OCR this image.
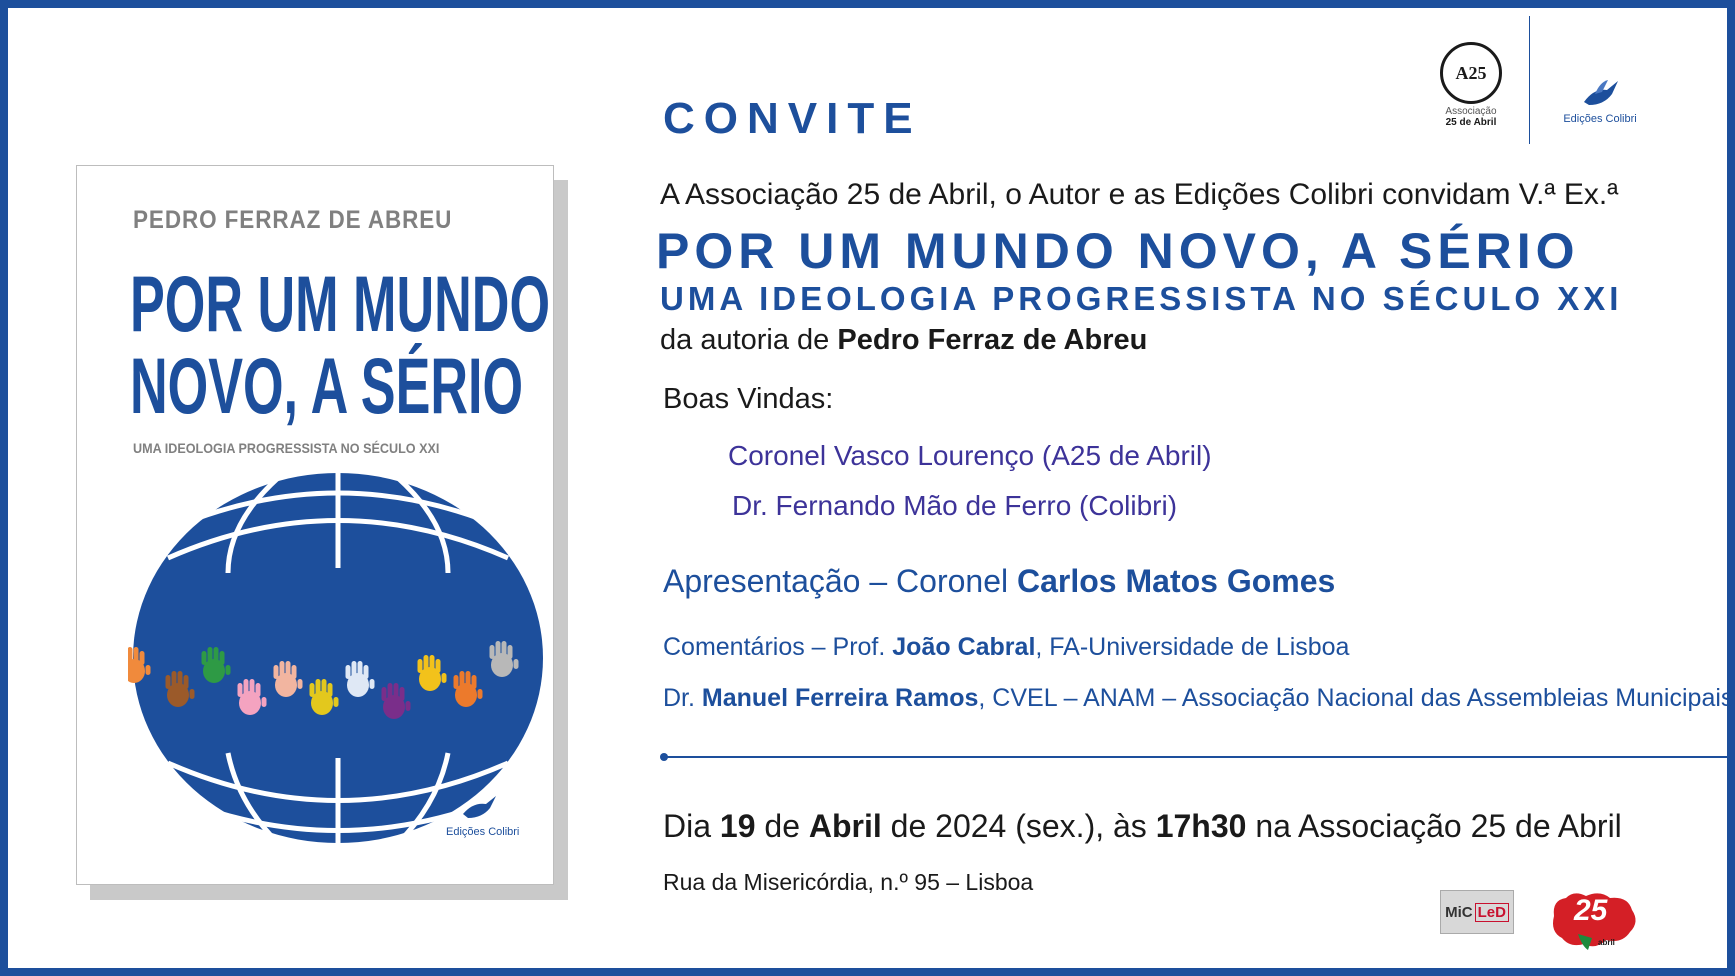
PEDRO FERRAZ DE ABREU
POR UM MUNDO
NOVO, A SÉRIO
UMA IDEOLOGIA PROGRESSISTA NO SÉCULO XXI
Edições Colibri
A25
Associação
25 de Abril	Edições Colibri
CONVITE
A Associação 25 de Abril, o Autor e as Edições Colibri convidam V.ª Ex.ª
POR UM MUNDO NOVO, A SÉRIO
UMA IDEOLOGIA PROGRESSISTA NO SÉCULO XXI
da autoria de Pedro Ferraz de Abreu
Boas Vindas:
Coronel Vasco Lourenço (A25 de Abril)
Dr. Fernando Mão de Ferro (Colibri)
Apresentação – Coronel Carlos Matos Gomes
Comentários – Prof. João Cabral, FA-Universidade de Lisboa
Dr. Manuel Ferreira Ramos, CVEL – ANAM – Associação Nacional das Assembleias Municipais
Dia 19 de Abril de 2024 (sex.), às 17h30 na Associação 25 de Abril
Rua da Misericórdia, n.º 95 – Lisboa
MiC LeD 25
abril
